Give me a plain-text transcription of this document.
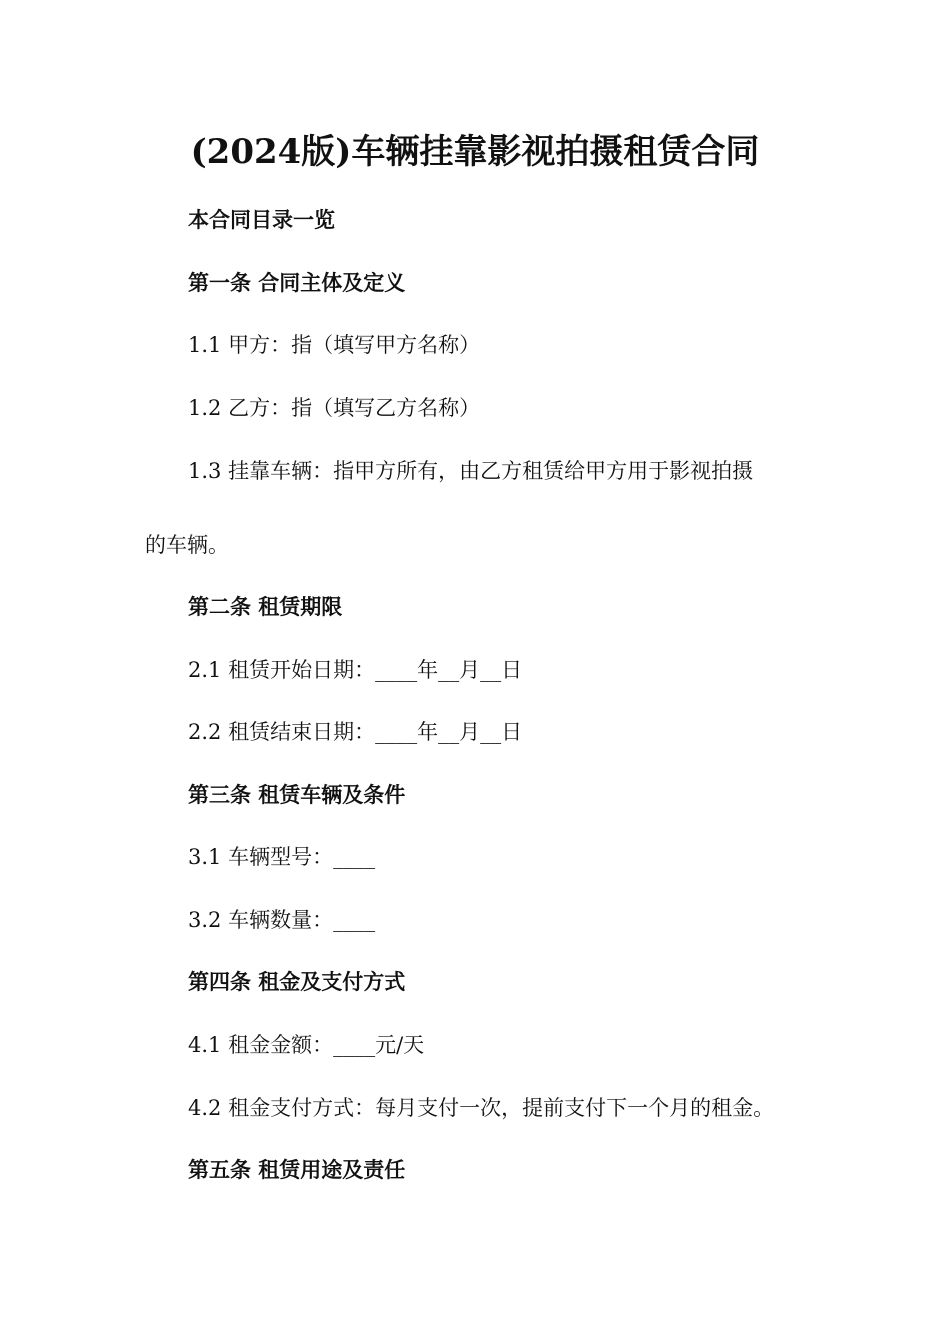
(2024版)车辆挂靠影视拍摄租赁合同

本合同目录一览

第一条 合同主体及定义

1.1 甲方：指（填写甲方名称）

1.2 乙方：指（填写乙方名称）

1.3 挂靠车辆：指甲方所有，由乙方租赁给甲方用于影视拍摄

的车辆。

第二条 租赁期限

2.1 租赁开始日期：____年__月__日

2.2 租赁结束日期：____年__月__日

第三条 租赁车辆及条件

3.1 车辆型号：____

3.2 车辆数量：____

第四条 租金及支付方式

4.1 租金金额：____元/天

4.2 租金支付方式：每月支付一次，提前支付下一个月的租金。

第五条 租赁用途及责任
